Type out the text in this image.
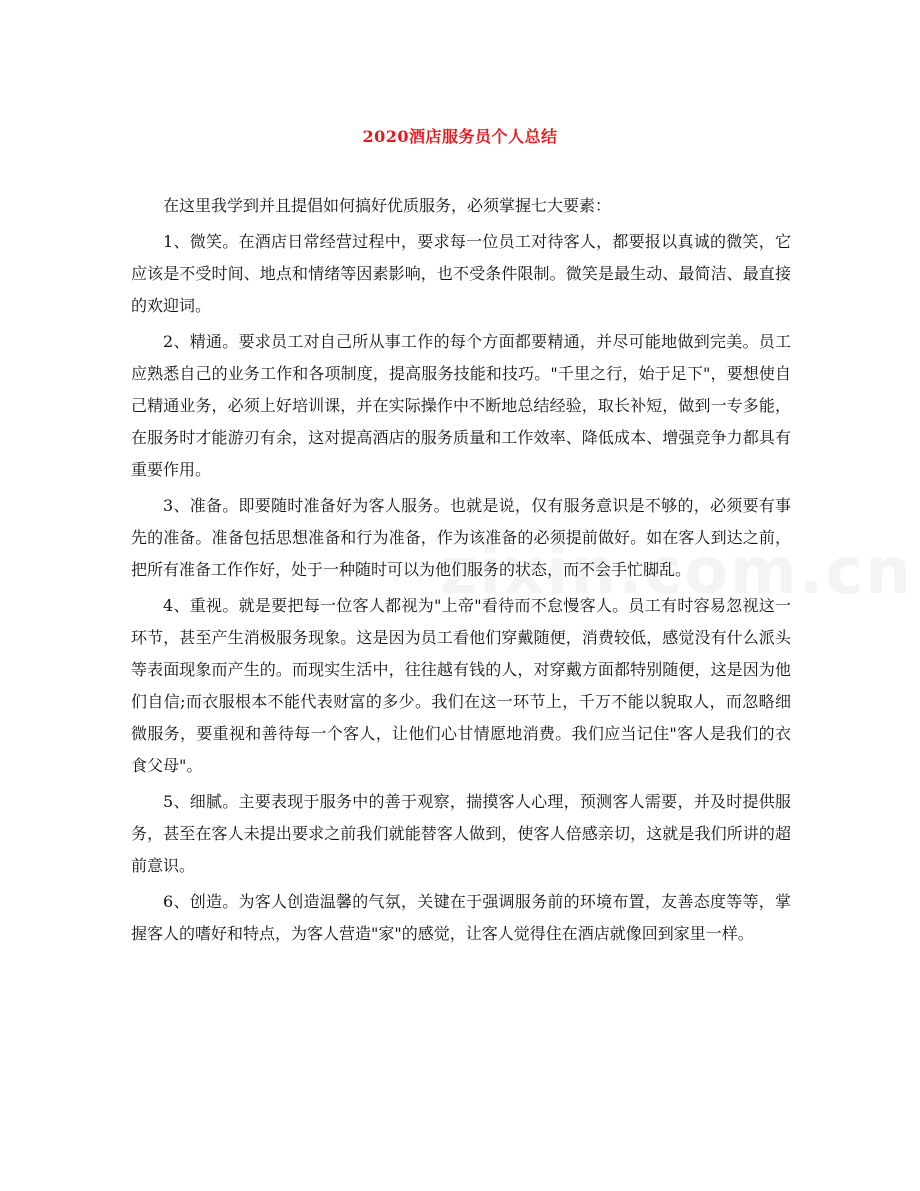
2020酒店服务员个人总结

在这里我学到并且提倡如何搞好优质服务，必须掌握七大要素：

1、微笑。在酒店日常经营过程中，要求每一位员工对待客人，都要报以真诚的微笑，它应该是不受时间、地点和情绪等因素影响，也不受条件限制。微笑是最生动、最简洁、最直接的欢迎词。

2、精通。要求员工对自己所从事工作的每个方面都要精通，并尽可能地做到完美。员工应熟悉自己的业务工作和各项制度，提高服务技能和技巧。"千里之行，始于足下"，要想使自己精通业务，必须上好培训课，并在实际操作中不断地总结经验，取长补短，做到一专多能，在服务时才能游刃有余，这对提高酒店的服务质量和工作效率、降低成本、增强竞争力都具有重要作用。

3、准备。即要随时准备好为客人服务。也就是说，仅有服务意识是不够的，必须要有事先的准备。准备包括思想准备和行为准备，作为该准备的必须提前做好。如在客人到达之前，把所有准备工作作好，处于一种随时可以为他们服务的状态，而不会手忙脚乱。

4、重视。就是要把每一位客人都视为"上帝"看待而不怠慢客人。员工有时容易忽视这一环节，甚至产生消极服务现象。这是因为员工看他们穿戴随便，消费较低，感觉没有什么派头等表面现象而产生的。而现实生活中，往往越有钱的人，对穿戴方面都特别随便，这是因为他们自信;而衣服根本不能代表财富的多少。我们在这一环节上，千万不能以貌取人，而忽略细微服务，要重视和善待每一个客人，让他们心甘情愿地消费。我们应当记住"客人是我们的衣食父母"。

5、细腻。主要表现于服务中的善于观察，揣摸客人心理，预测客人需要，并及时提供服务，甚至在客人未提出要求之前我们就能替客人做到，使客人倍感亲切，这就是我们所讲的超前意识。

6、创造。为客人创造温馨的气氛，关键在于强调服务前的环境布置，友善态度等等，掌握客人的嗜好和特点，为客人营造"家"的感觉，让客人觉得住在酒店就像回到家里一样。
